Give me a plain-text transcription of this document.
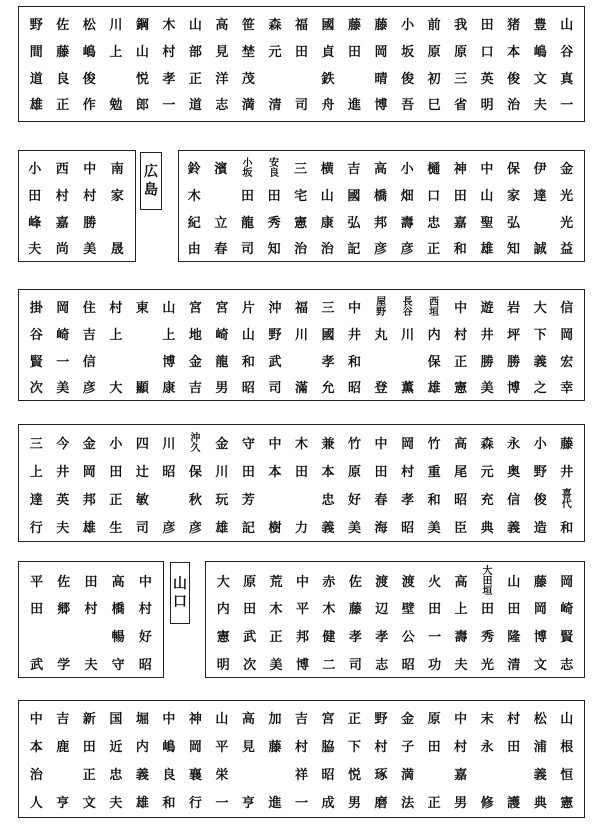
山
谷
真
一
豊
嶋
文
夫
猪
本
俊
治
田
口
英
明
我
原
三
省
前
原
初
巳
小
坂
俊
吾
藤
岡
晴
博
藤
田
進
國
貞
鉄
舟
福
田
司
森
元
清
笹
埜
茂
満
高
見
洋
志
山
部
正
道
木
村
孝
一
鋼
山
悦
郎
川
上
勉
松
嶋
俊
作
佐
藤
良
正
野
間
道
雄
南
家
晟
中
村
勝
美
西
村
嘉
尚
小
田
峰
夫
広
島
金
光
光
益
伊
達
誠
保
家
弘
知
中
山
聖
雄
神
田
嘉
和
樋
口
忠
正
小
畑
壽
彦
高
橋
邦
彦
吉
國
弘
記
横
山
康
治
三
宅
憲
治
安
良
田
秀
知
小
坂
田
龍
司
濱
立
春
鈴
木
紀
由
信
岡
宏
幸
大
下
義
之
岩
坪
勝
博
遊
井
勝
美
中
村
正
憲
西
垣
内
保
雄
長
谷
川
薫
屋
野
丸
登
中
井
和
昭
三
國
孝
允
福
川
滿
沖
野
武
司
片
山
和
昭
宮
崎
龍
男
宮
地
金
吉
山
上
博
康
東
顯
村
上
大
住
吉
信
彦
岡
崎
一
美
掛
谷
賢
次
藤
井
喜
代
和
小
野
俊
造
永
奥
信
義
森
元
充
典
高
尾
昭
臣
竹
重
和
美
岡
村
孝
昭
中
田
春
海
竹
原
好
美
兼
本
忠
義
木
田
力
中
本
樹
守
田
芳
記
金
川
玩
雄
沖
久
保
秋
彦
川
昭
彦
四
辻
敏
司
小
田
正
生
金
岡
邦
雄
今
井
英
夫
三
上
達
行
中
村
好
昭
高
橋
暢
守
田
村
夫
佐
郷
学
平
田
武
山
口
岡
崎
賢
志
藤
岡
博
文
山
田
隆
清
大
田
垣
田
秀
光
高
上
壽
夫
火
田
一
功
渡
壁
公
昭
渡
辺
孝
志
佐
藤
孝
司
赤
木
健
二
中
平
邦
博
荒
木
正
美
原
田
武
次
大
内
憲
明
山
根
恒
憲
松
浦
義
典
村
田
護
末
永
修
中
村
嘉
男
原
田
正
金
子
満
法
野
村
琢
磨
正
下
悦
男
宮
脇
昭
成
吉
村
祥
一
加
藤
進
高
見
亨
山
平
栄
一
神
岡
襄
行
中
嶋
良
和
堀
内
義
雄
国
近
忠
夫
新
田
正
文
吉
鹿
亨
中
本
治
人
